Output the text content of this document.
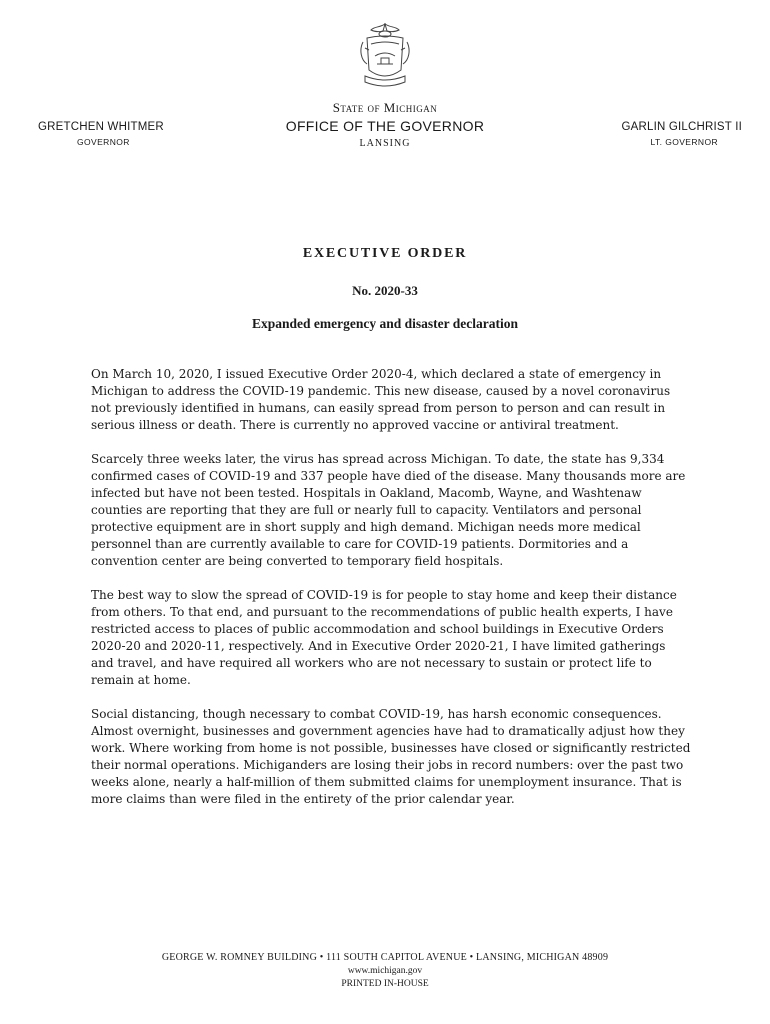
State of Michigan
OFFICE OF THE GOVERNOR
LANSING
GRETCHEN WHITMER
GOVERNOR
GARLIN GILCHRIST II
LT. GOVERNOR
EXECUTIVE ORDER
No. 2020-33
Expanded emergency and disaster declaration

On March 10, 2020, I issued Executive Order 2020-4, which declared a state of emergency in Michigan to address the COVID-19 pandemic. This new disease, caused by a novel coronavirus not previously identified in humans, can easily spread from person to person and can result in serious illness or death. There is currently no approved vaccine or antiviral treatment.

Scarcely three weeks later, the virus has spread across Michigan. To date, the state has 9,334 confirmed cases of COVID-19 and 337 people have died of the disease. Many thousands more are infected but have not been tested. Hospitals in Oakland, Macomb, Wayne, and Washtenaw counties are reporting that they are full or nearly full to capacity. Ventilators and personal protective equipment are in short supply and high demand. Michigan needs more medical personnel than are currently available to care for COVID-19 patients. Dormitories and a convention center are being converted to temporary field hospitals.

The best way to slow the spread of COVID-19 is for people to stay home and keep their distance from others. To that end, and pursuant to the recommendations of public health experts, I have restricted access to places of public accommodation and school buildings in Executive Orders 2020-20 and 2020-11, respectively. And in Executive Order 2020-21, I have limited gatherings and travel, and have required all workers who are not necessary to sustain or protect life to remain at home.

Social distancing, though necessary to combat COVID-19, has harsh economic consequences. Almost overnight, businesses and government agencies have had to dramatically adjust how they work. Where working from home is not possible, businesses have closed or significantly restricted their normal operations. Michiganders are losing their jobs in record numbers: over the past two weeks alone, nearly a half-million of them submitted claims for unemployment insurance. That is more claims than were filed in the entirety of the prior calendar year.

GEORGE W. ROMNEY BUILDING • 111 SOUTH CAPITOL AVENUE • LANSING, MICHIGAN 48909
www.michigan.gov
PRINTED IN-HOUSE
